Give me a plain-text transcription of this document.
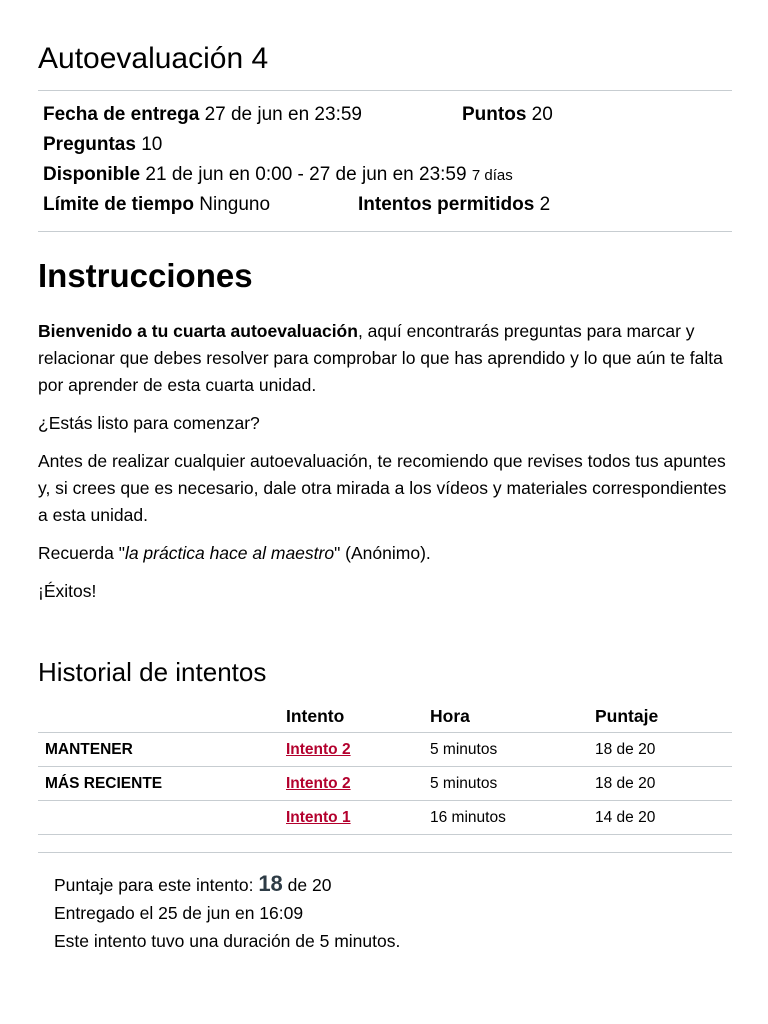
Autoevaluación 4
Fecha de entrega 27 de jun en 23:59	Puntos 20
Preguntas 10
Disponible 21 de jun en 0:00 - 27 de jun en 23:59 7 días
Límite de tiempo Ninguno	Intentos permitidos 2
Instrucciones

Bienvenido a tu cuarta autoevaluación, aquí encontrarás preguntas para marcar y relacionar que debes resolver para comprobar lo que has aprendido y lo que aún te falta por aprender de esta cuarta unidad.

¿Estás listo para comenzar?

Antes de realizar cualquier autoevaluación, te recomiendo que revises todos tus apuntes y, si crees que es necesario, dale otra mirada a los vídeos y materiales correspondientes a esta unidad.

Recuerda "la práctica hace al maestro" (Anónimo).

¡Éxitos!

Historial de intentos
	Intento	Hora	Puntaje
MANTENER	Intento 2	5 minutos	18 de 20
MÁS RECIENTE	Intento 2	5 minutos	18 de 20
	Intento 1	16 minutos	14 de 20
Puntaje para este intento: 18 de 20
Entregado el 25 de jun en 16:09
Este intento tuvo una duración de 5 minutos.
